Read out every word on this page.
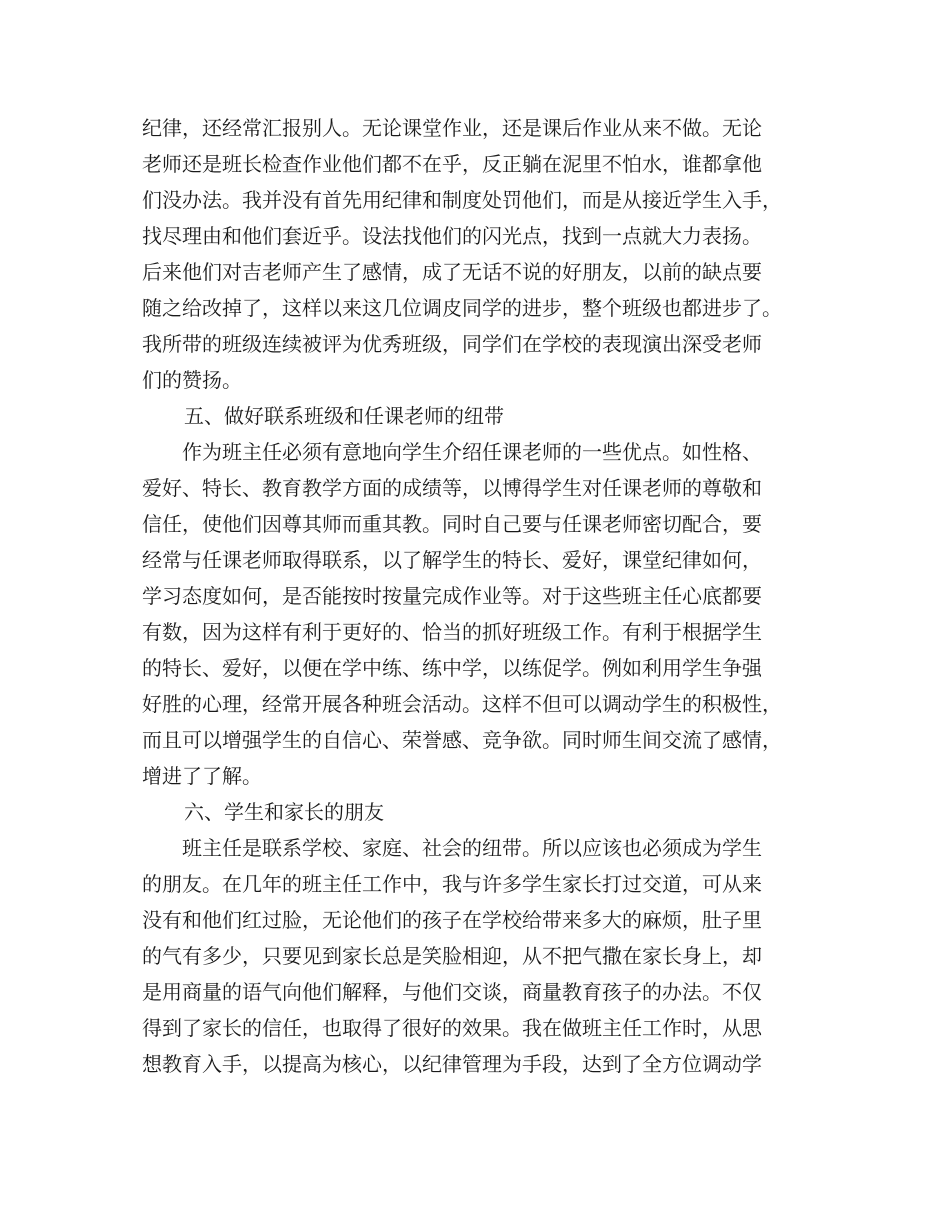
纪律，还经常汇报别人。无论课堂作业，还是课后作业从来不做。无论
老师还是班长检查作业他们都不在乎，反正躺在泥里不怕水，谁都拿他
们没办法。我并没有首先用纪律和制度处罚他们，而是从接近学生入手，
找尽理由和他们套近乎。设法找他们的闪光点，找到一点就大力表扬。
后来他们对吉老师产生了感情，成了无话不说的好朋友，以前的缺点要
随之给改掉了，这样以来这几位调皮同学的进步，整个班级也都进步了。
我所带的班级连续被评为优秀班级，同学们在学校的表现演出深受老师
们的赞扬。
五、做好联系班级和任课老师的纽带
　　作为班主任必须有意地向学生介绍任课老师的一些优点。如性格、
爱好、特长、教育教学方面的成绩等，以博得学生对任课老师的尊敬和
信任，使他们因尊其师而重其教。同时自己要与任课老师密切配合，要
经常与任课老师取得联系，以了解学生的特长、爱好，课堂纪律如何，
学习态度如何，是否能按时按量完成作业等。对于这些班主任心底都要
有数，因为这样有利于更好的、恰当的抓好班级工作。有利于根据学生
的特长、爱好，以便在学中练、练中学，以练促学。例如利用学生争强
好胜的心理，经常开展各种班会活动。这样不但可以调动学生的积极性，
而且可以增强学生的自信心、荣誉感、竞争欲。同时师生间交流了感情，
增进了了解。
六、学生和家长的朋友
　　班主任是联系学校、家庭、社会的纽带。所以应该也必须成为学生
的朋友。在几年的班主任工作中，我与许多学生家长打过交道，可从来
没有和他们红过脸，无论他们的孩子在学校给带来多大的麻烦，肚子里
的气有多少，只要见到家长总是笑脸相迎，从不把气撒在家长身上，却
是用商量的语气向他们解释，与他们交谈，商量教育孩子的办法。不仅
得到了家长的信任，也取得了很好的效果。我在做班主任工作时，从思
想教育入手，以提高为核心，以纪律管理为手段，达到了全方位调动学
